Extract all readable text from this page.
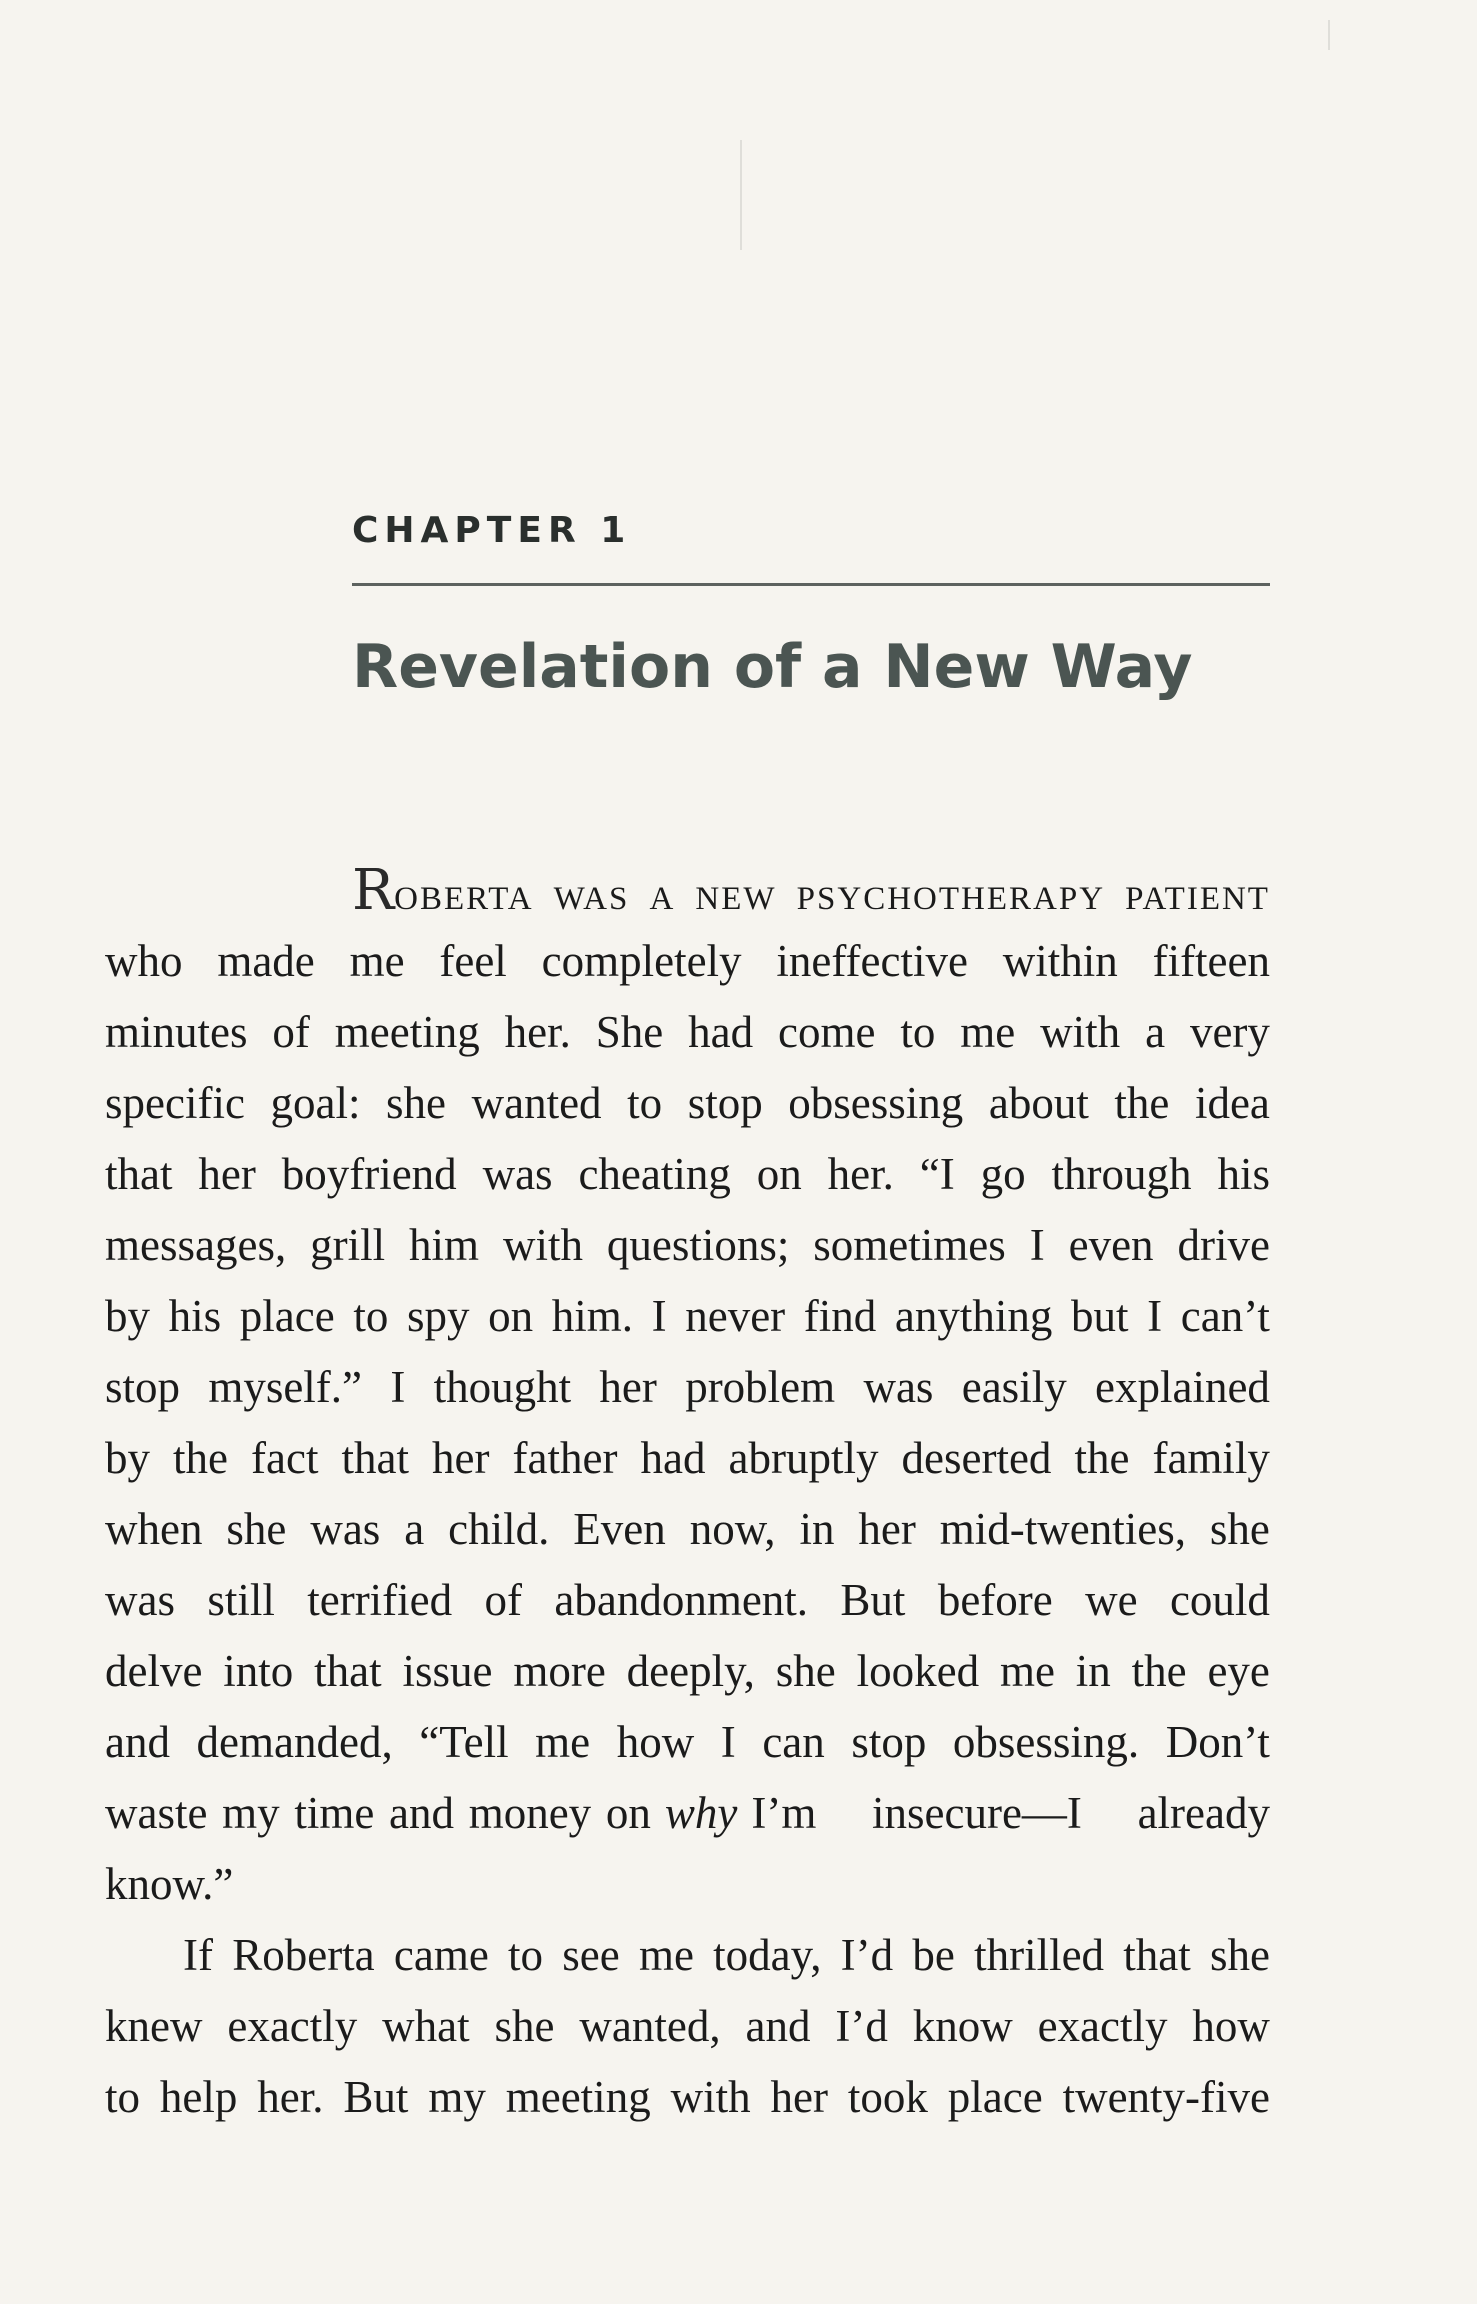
CHAPTER 1
Revelation of a New Way
ROBERTA WAS A NEW PSYCHOTHERAPY PATIENT
who made me feel completely ineffective within fifteen
minutes of meeting her. She had come to me with a very
specific goal: she wanted to stop obsessing about the idea
that her boyfriend was cheating on her. “I go through his
messages, grill him with questions; sometimes I even drive
by his place to spy on him. I never find anything but I can’t
stop myself.” I thought her problem was easily explained
by the fact that her father had abruptly deserted the family
when she was a child. Even now, in her mid-twenties, she
was still terrified of abandonment. But before we could
delve into that issue more deeply, she looked me in the eye
and demanded, “Tell me how I can stop obsessing. Don’t
waste my time and money on why I’m insecure—I already
know.”
If Roberta came to see me today, I’d be thrilled that she
knew exactly what she wanted, and I’d know exactly how
to help her. But my meeting with her took place twenty-five
